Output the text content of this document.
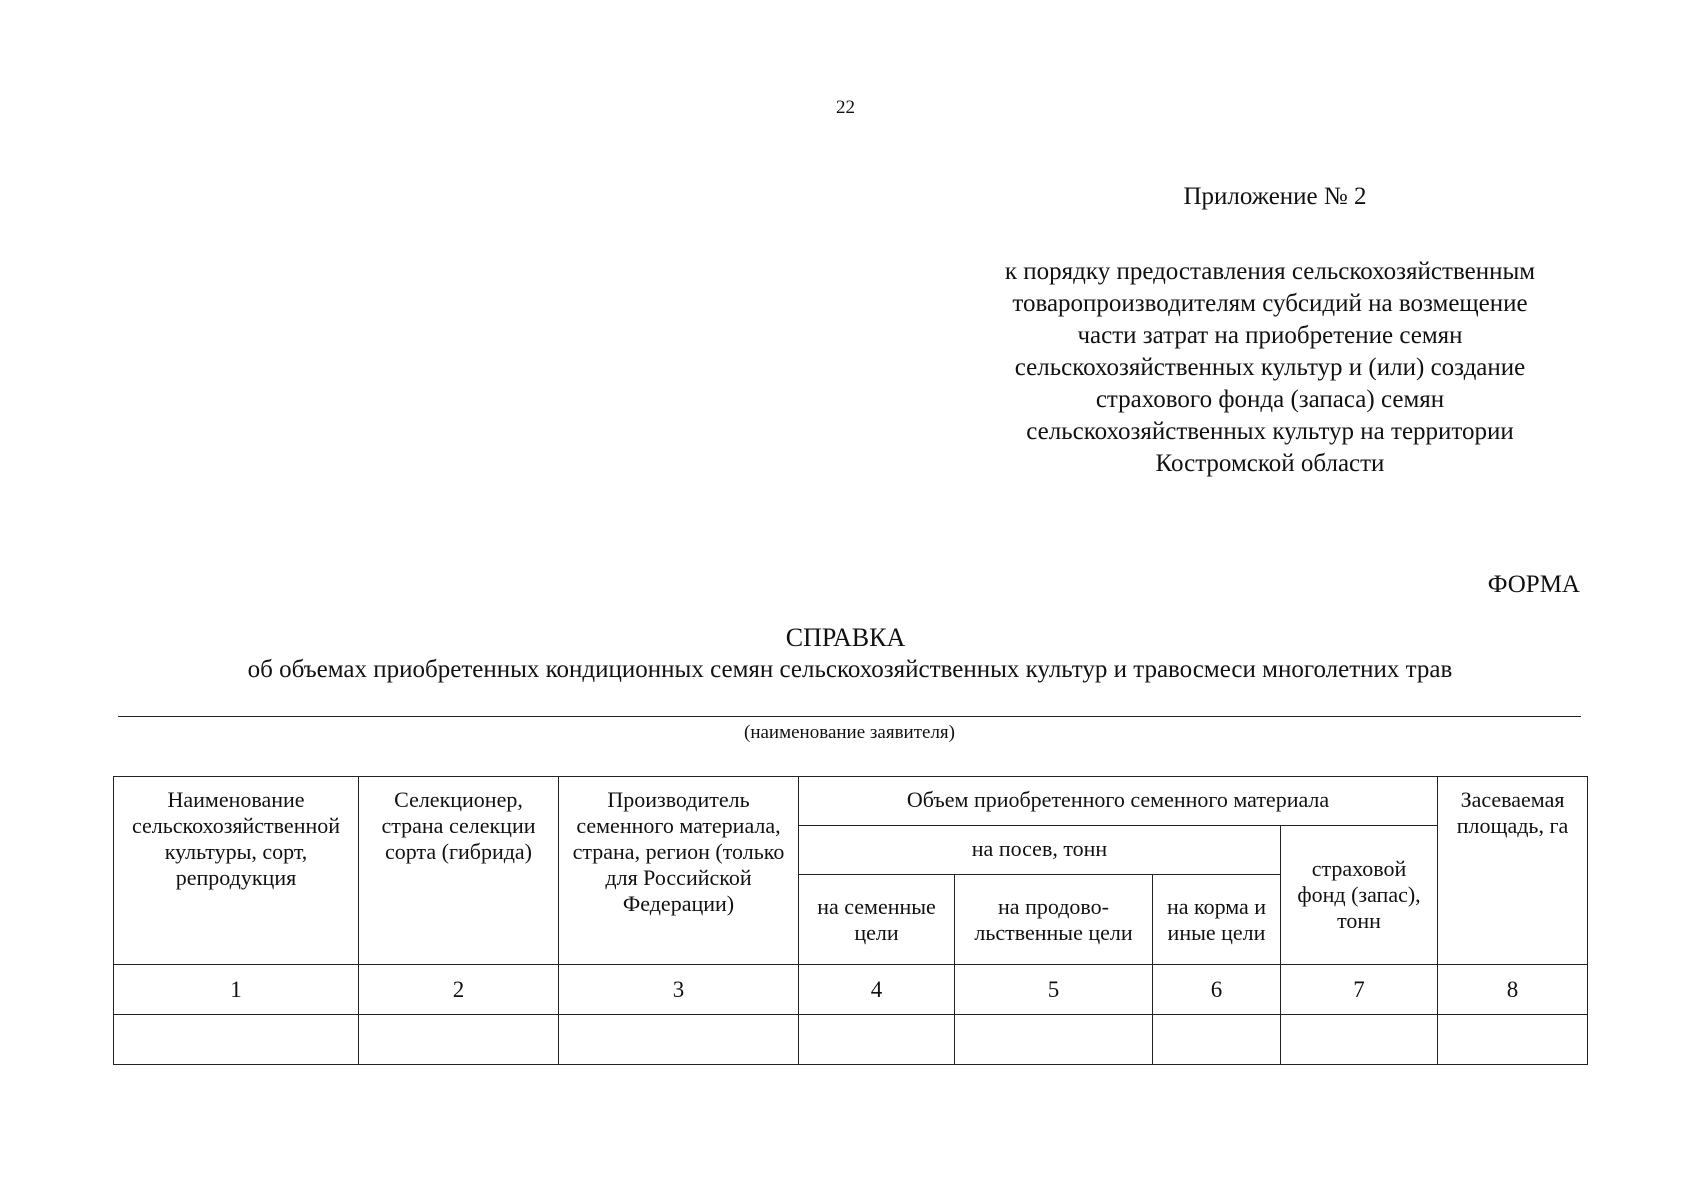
22
Приложение № 2
к порядку предоставления сельскохозяйственным
товаропроизводителям субсидий на возмещение
части затрат на приобретение семян
сельскохозяйственных культур и (или) создание
страхового фонда (запаса) семян
сельскохозяйственных культур на территории
Костромской области
ФОРМА
СПРАВКА
об объемах приобретенных кондиционных семян сельскохозяйственных культур и травосмеси многолетних трав
(наименование заявителя)
Наименование сельскохозяйственной культуры, сорт, репродукция	Селекционер, страна селекции сорта (гибрида)	Производитель семенного материала, страна, регион (только для Российской Федерации)	Объем приобретенного семенного материала				Засеваемая площадь, га
			на посев, тонн			страховой фонд (запас), тонн	
			на семенные цели	на продово-льственные цели	на корма и иные цели		
1	2	3	4	5	6	7	8
